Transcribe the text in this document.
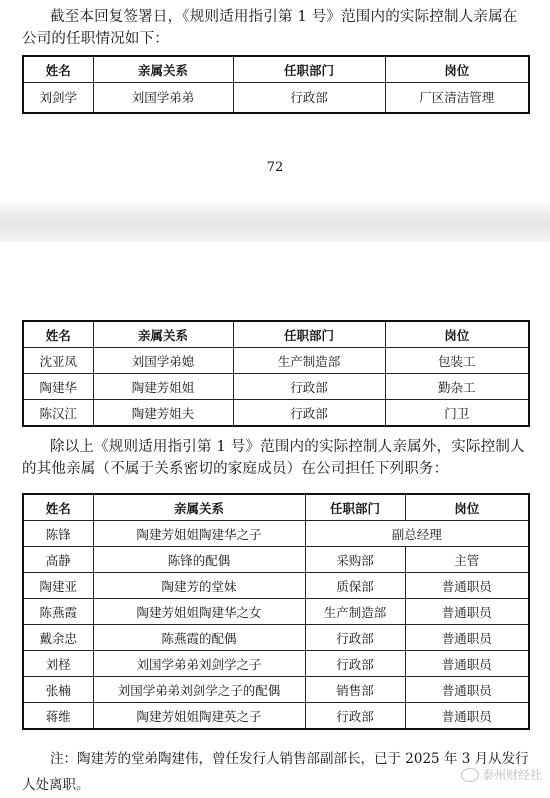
截至本回复签署日，《规则适用指引第 1 号》范围内的实际控制人亲属在公司的任职情况如下：

姓名	亲属关系	任职部门	岗位
刘剑学	刘国学弟弟	行政部	厂区清洁管理
72
姓名	亲属关系	任职部门	岗位
沈亚凤	刘国学弟媳	生产制造部	包装工
陶建华	陶建芳姐姐	行政部	勤杂工
陈汉江	陶建芳姐夫	行政部	门卫

除以上《规则适用指引第 1 号》范围内的实际控制人亲属外，实际控制人的其他亲属（不属于关系密切的家庭成员）在公司担任下列职务：

姓名	亲属关系	任职部门	岗位
陈锋	陶建芳姐姐陶建华之子	副总经理	
高静	陈锋的配偶	采购部	主管
陶建亚	陶建芳的堂妹	质保部	普通职员
陈燕霞	陶建芳姐姐陶建华之女	生产制造部	普通职员
戴余忠	陈燕霞的配偶	行政部	普通职员
刘柽	刘国学弟弟刘剑学之子	行政部	普通职员
张楠	刘国学弟弟刘剑学之子的配偶	销售部	普通职员
蒋维	陶建芳姐姐陶建英之子	行政部	普通职员

注：陶建芳的堂弟陶建伟，曾任发行人销售部副部长，已于 2025 年 3 月从发行人处离职。

泰州财经社
